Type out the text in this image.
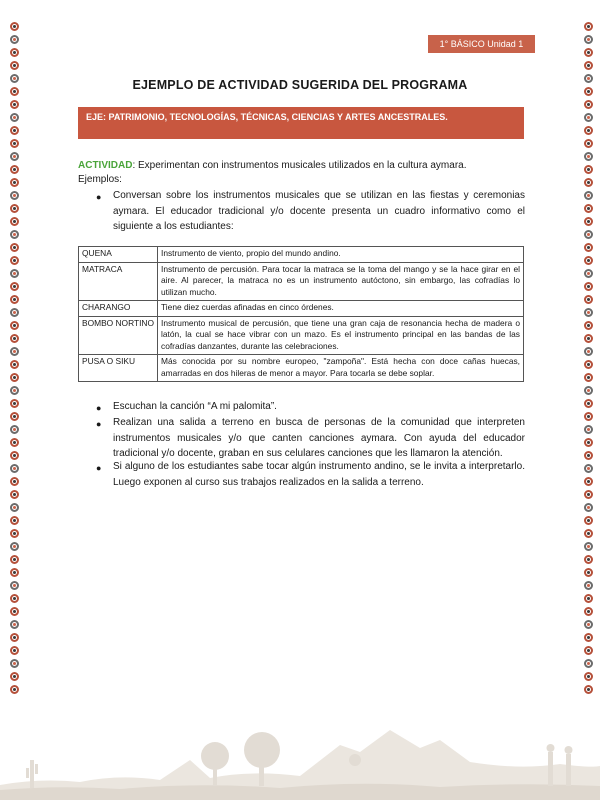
1° BÁSICO Unidad 1
EJEMPLO DE ACTIVIDAD SUGERIDA DEL PROGRAMA
EJE: PATRIMONIO, TECNOLOGÍAS, TÉCNICAS, CIENCIAS Y ARTES ANCESTRALES.
ACTIVIDAD: Experimentan con instrumentos musicales utilizados en la cultura aymara.
Ejemplos:
● Conversan sobre los instrumentos musicales que se utilizan en las fiestas y ceremonias aymara. El educador tradicional y/o docente presenta un cuadro informativo como el siguiente a los estudiantes:
QUENA	Instrumento de viento, propio del mundo andino.
MATRACA	Instrumento de percusión. Para tocar la matraca se la toma del mango y se la hace girar en el aire. Al parecer, la matraca no es un instrumento autóctono, sin embargo, las cofradías lo utilizan mucho.
CHARANGO	Tiene diez cuerdas afinadas en cinco órdenes.
BOMBO NORTINO	Instrumento musical de percusión, que tiene una gran caja de resonancia hecha de madera o latón, la cual se hace vibrar con un mazo. Es el instrumento principal en las bandas de las cofradías danzantes, durante las celebraciones.
PUSA O SIKU	Más conocida por su nombre europeo, "zampoña". Está hecha con doce cañas huecas, amarradas en dos hileras de menor a mayor. Para tocarla se debe soplar.
● Escuchan la canción “A mi palomita”.
● Realizan una salida a terreno en busca de personas de la comunidad que interpreten instrumentos musicales y/o que canten canciones aymara. Con ayuda del educador tradicional y/o docente, graban en sus celulares canciones que les llamaron la atención.
● Si alguno de los estudiantes sabe tocar algún instrumento andino, se le invita a interpretarlo. Luego exponen al curso sus trabajos realizados en la salida a terreno.
